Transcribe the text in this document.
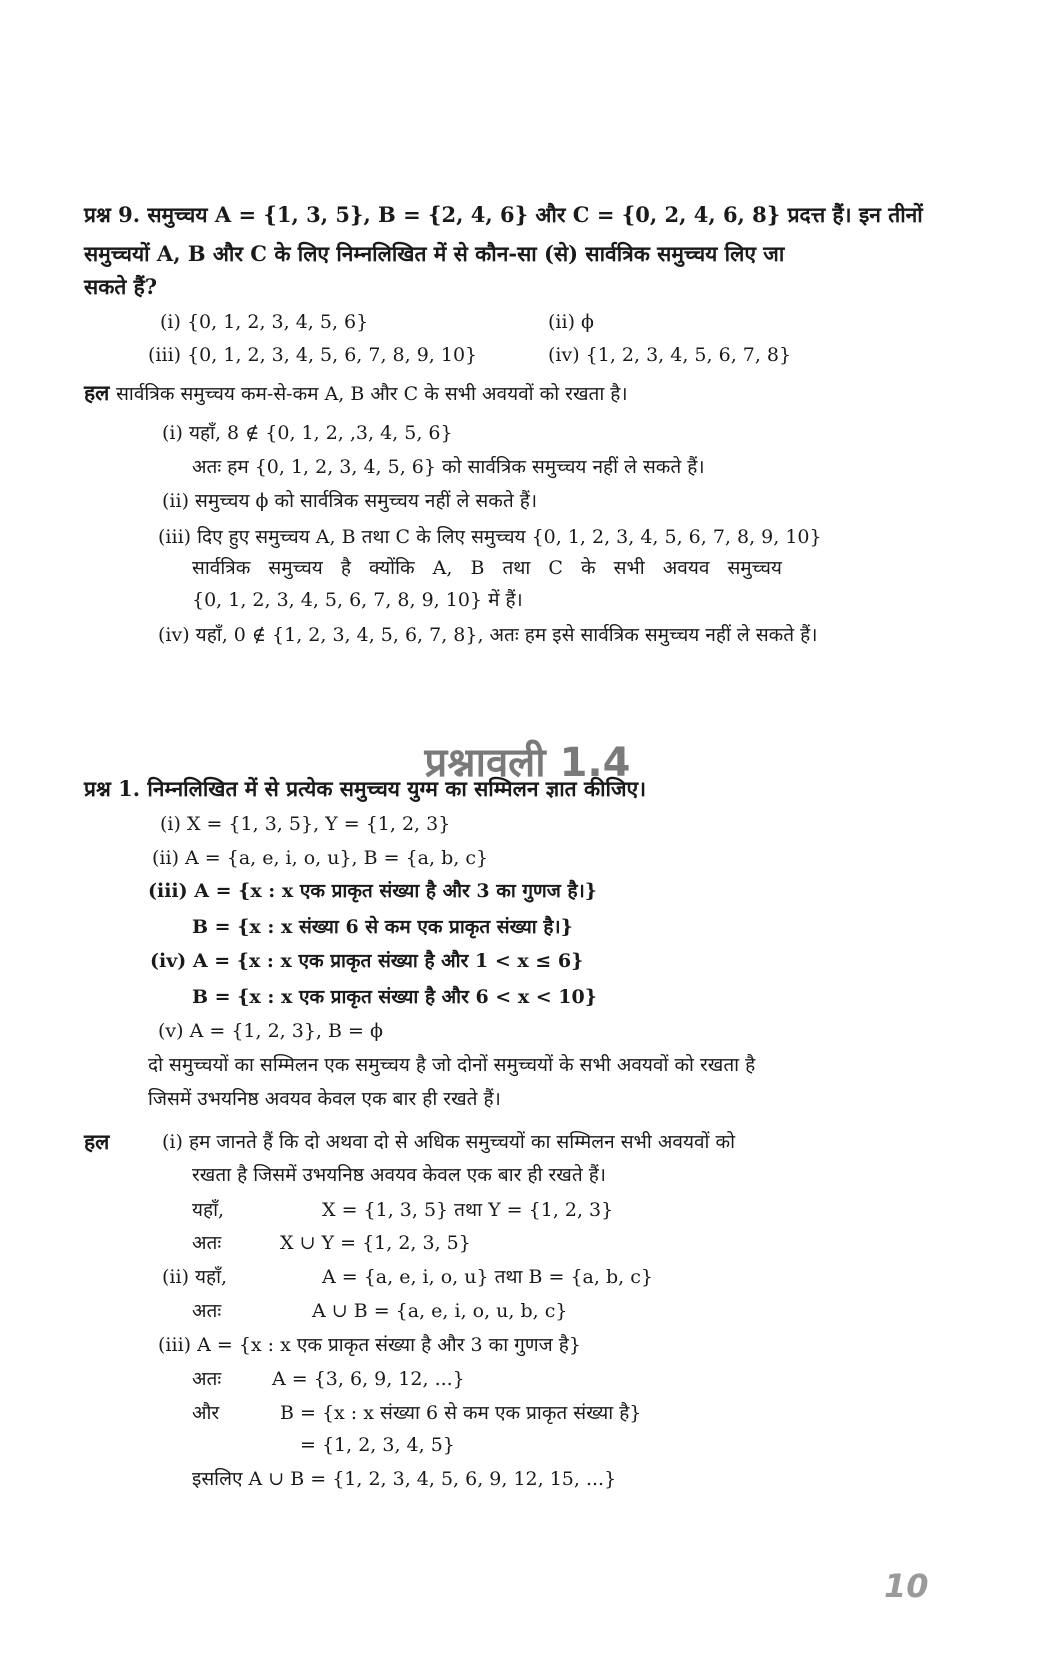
प्रश्न 9. समुच्चय A = {1, 3, 5}, B = {2, 4, 6} और C = {0, 2, 4, 6, 8} प्रदत्त हैं। इन तीनों
समुच्चयों A, B और C के लिए निम्नलिखित में से कौन-सा (से) सार्वत्रिक समुच्चय लिए जा
सकते हैं?
(i) {0, 1, 2, 3, 4, 5, 6}	(ii) ϕ
(iii) {0, 1, 2, 3, 4, 5, 6, 7, 8, 9, 10}	(iv) {1, 2, 3, 4, 5, 6, 7, 8}
हल सार्वत्रिक समुच्चय कम-से-कम A, B और C के सभी अवयवों को रखता है।
(i) यहाँ, 8 ∉ {0, 1, 2, ,3, 4, 5, 6}
अतः हम {0, 1, 2, 3, 4, 5, 6} को सार्वत्रिक समुच्चय नहीं ले सकते हैं।
(ii) समुच्चय ϕ को सार्वत्रिक समुच्चय नहीं ले सकते हैं।
(iii) दिए हुए समुच्चय A, B तथा C के लिए समुच्चय {0, 1, 2, 3, 4, 5, 6, 7, 8, 9, 10}
सार्वत्रिक समुच्चय है क्योंकि A, B तथा C के सभी अवयव समुच्चय
{0, 1, 2, 3, 4, 5, 6, 7, 8, 9, 10} में हैं।
(iv) यहाँ, 0 ∉ {1, 2, 3, 4, 5, 6, 7, 8}, अतः हम इसे सार्वत्रिक समुच्चय नहीं ले सकते हैं।
प्रश्नावली 1.4
प्रश्न 1. निम्नलिखित में से प्रत्येक समुच्चय युग्म का सम्मिलन ज्ञात कीजिए।
(i) X = {1, 3, 5}, Y = {1, 2, 3}
(ii) A = {a, e, i, o, u}, B = {a, b, c}
(iii) A = {x : x एक प्राकृत संख्या है और 3 का गुणज है।}
B = {x : x संख्या 6 से कम एक प्राकृत संख्या है।}
(iv) A = {x : x एक प्राकृत संख्या है और 1 < x ≤ 6}
B = {x : x एक प्राकृत संख्या है और 6 < x < 10}
(v) A = {1, 2, 3}, B = ϕ
दो समुच्चयों का सम्मिलन एक समुच्चय है जो दोनों समुच्चयों के सभी अवयवों को रखता है
जिसमें उभयनिष्ठ अवयव केवल एक बार ही रखते हैं।
हल	(i) हम जानते हैं कि दो अथवा दो से अधिक समुच्चयों का सम्मिलन सभी अवयवों को
रखता है जिसमें उभयनिष्ठ अवयव केवल एक बार ही रखते हैं।
यहाँ,	X = {1, 3, 5} तथा Y = {1, 2, 3}
अतः	X ∪ Y = {1, 2, 3, 5}
(ii) यहाँ,	A = {a, e, i, o, u} तथा B = {a, b, c}
अतः	A ∪ B = {a, e, i, o, u, b, c}
(iii) A = {x : x एक प्राकृत संख्या है और 3 का गुणज है}
अतः	A = {3, 6, 9, 12, ...}
और	B = {x : x संख्या 6 से कम एक प्राकृत संख्या है}
= {1, 2, 3, 4, 5}
इसलिए A ∪ B = {1, 2, 3, 4, 5, 6, 9, 12, 15, ...}
10
